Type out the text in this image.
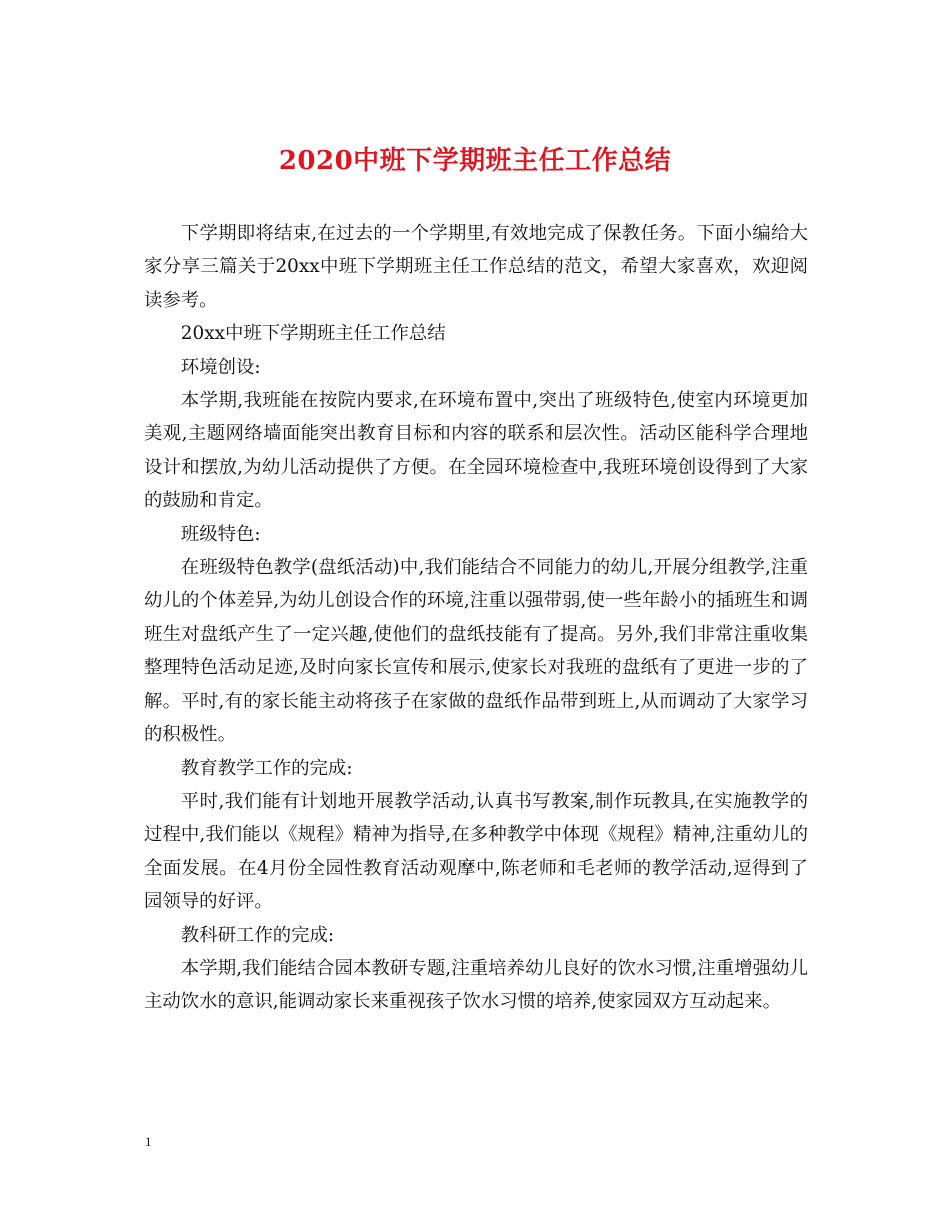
2020中班下学期班主任工作总结

下学期即将结束,在过去的一个学期里,有效地完成了保教任务。下面小编给大家分享三篇关于20xx中班下学期班主任工作总结的范文，希望大家喜欢，欢迎阅读参考。

20xx中班下学期班主任工作总结

环境创设:

本学期,我班能在按院内要求,在环境布置中,突出了班级特色,使室内环境更加美观,主题网络墙面能突出教育目标和内容的联系和层次性。活动区能科学合理地设计和摆放,为幼儿活动提供了方便。在全园环境检查中,我班环境创设得到了大家的鼓励和肯定。

班级特色:

在班级特色教学(盘纸活动)中,我们能结合不同能力的幼儿,开展分组教学,注重幼儿的个体差异,为幼儿创设合作的环境,注重以强带弱,使一些年龄小的插班生和调班生对盘纸产生了一定兴趣,使他们的盘纸技能有了提高。另外,我们非常注重收集整理特色活动足迹,及时向家长宣传和展示,使家长对我班的盘纸有了更进一步的了解。平时,有的家长能主动将孩子在家做的盘纸作品带到班上,从而调动了大家学习的积极性。

教育教学工作的完成:

平时,我们能有计划地开展教学活动,认真书写教案,制作玩教具,在实施教学的过程中,我们能以《规程》精神为指导,在多种教学中体现《规程》精神,注重幼儿的全面发展。在4月份全园性教育活动观摩中,陈老师和毛老师的教学活动,逗得到了园领导的好评。

教科研工作的完成:

本学期,我们能结合园本教研专题,注重培养幼儿良好的饮水习惯,注重增强幼儿主动饮水的意识,能调动家长来重视孩子饮水习惯的培养,使家园双方互动起来。

1
